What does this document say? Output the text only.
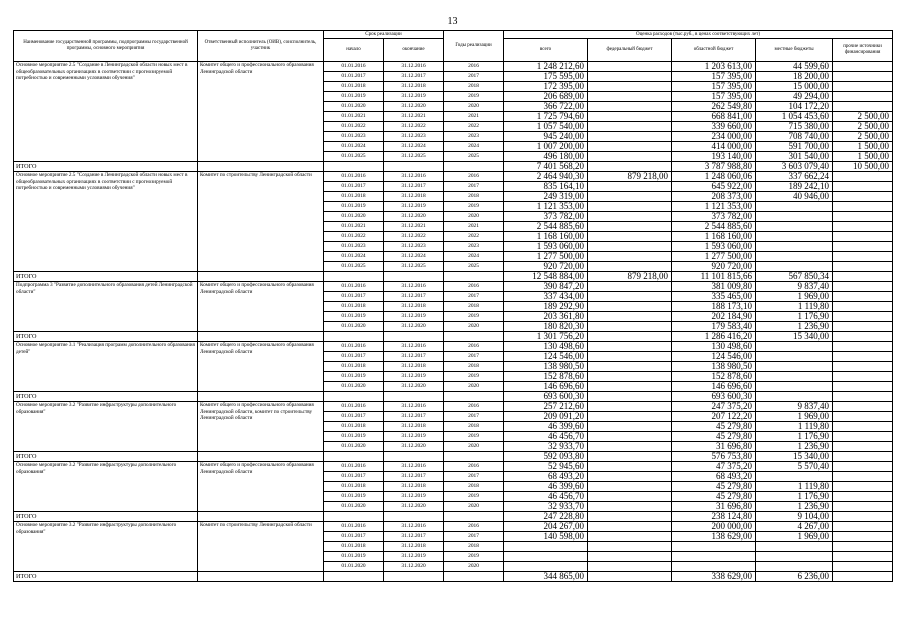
13
Наименование государственной программы, подпрограммы государственной программы, основного мероприятия	Ответственный исполнитель (ОИВ), соисполнитель, участник	Срок реализации		Годы реализации	Оценка расходов (тыс.руб., в ценах соответствующих лет)				
		начало	окончание		всего	федеральный бюджет	областной бюджет	местные бюджеты	прочие источники финансирования
Основное мероприятие 2.5 "Создание в Ленинградской области новых мест в общеобразовательных организациях в соответствии с прогнозируемой потребностью и современными условиями обучения"	Комитет общего и профессионального образования Ленинградской области	01.01.2016	31.12.2016	2016	1 248 212,60		1 203 613,00	44 599,60	
		01.01.2017	31.12.2017	2017	175 595,00		157 395,00	18 200,00	
		01.01.2018	31.12.2018	2018	172 395,00		157 395,00	15 000,00	
		01.01.2019	31.12.2019	2019	206 689,00		157 395,00	49 294,00	
		01.01.2020	31.12.2020	2020	366 722,00		262 549,80	104 172,20	
		01.01.2021	31.12.2021	2021	1 725 794,60		668 841,00	1 054 453,60	2 500,00
		01.01.2022	31.12.2022	2022	1 057 540,00		339 660,00	715 380,00	2 500,00
		01.01.2023	31.12.2023	2023	945 240,00		234 000,00	708 740,00	2 500,00
		01.01.2024	31.12.2024	2024	1 007 200,00		414 000,00	591 700,00	1 500,00
		01.01.2025	31.12.2025	2025	496 180,00		193 140,00	301 540,00	1 500,00
ИТОГО					7 401 568,20		3 787 988,80	3 603 079,40	10 500,00
Основное мероприятие 2.5 "Создание в Ленинградской области новых мест в общеобразовательных организациях в соответствии с прогнозируемой потребностью и современными условиями обучения"	Комитет по строительству Ленинградской области	01.01.2016	31.12.2016	2016	2 464 940,30	879 218,00	1 248 060,06	337 662,24	
		01.01.2017	31.12.2017	2017	835 164,10		645 922,00	189 242,10	
		01.01.2018	31.12.2018	2018	249 319,00		208 373,00	40 946,00	
		01.01.2019	31.12.2019	2019	1 121 353,00		1 121 353,00		
		01.01.2020	31.12.2020	2020	373 782,00		373 782,00		
		01.01.2021	31.12.2021	2021	2 544 885,60		2 544 885,60		
		01.01.2022	31.12.2022	2022	1 168 160,00		1 168 160,00		
		01.01.2023	31.12.2023	2023	1 593 060,00		1 593 060,00		
		01.01.2024	31.12.2024	2024	1 277 500,00		1 277 500,00		
		01.01.2025	31.12.2025	2025	920 720,00		920 720,00		
ИТОГО					12 548 884,00	879 218,00	11 101 815,66	567 850,34	
Подпрограмма 3 "Развитие дополнительного образования детей Ленинградской области"	Комитет общего и профессионального образования Ленинградской области	01.01.2016	31.12.2016	2016	390 847,20		381 009,80	9 837,40	
		01.01.2017	31.12.2017	2017	337 434,00		335 465,00	1 969,00	
		01.01.2018	31.12.2018	2018	189 292,90		188 173,10	1 119,80	
		01.01.2019	31.12.2019	2019	203 361,80		202 184,90	1 176,90	
		01.01.2020	31.12.2020	2020	180 820,30		179 583,40	1 236,90	
ИТОГО					1 301 756,20		1 286 416,20	15 340,00	
Основное мероприятие 3.1 "Реализация программ дополнительного образования детей"	Комитет общего и профессионального образования Ленинградской области	01.01.2016	31.12.2016	2016	130 498,60		130 498,60		
		01.01.2017	31.12.2017	2017	124 546,00		124 546,00		
		01.01.2018	31.12.2018	2018	138 980,50		138 980,50		
		01.01.2019	31.12.2019	2019	152 878,60		152 878,60		
		01.01.2020	31.12.2020	2020	146 696,60		146 696,60		
ИТОГО					693 600,30		693 600,30		
Основное мероприятие 3.2 "Развитие инфраструктуры дополнительного образования"	Комитет общего и профессионального образования Ленинградской области, комитет по строительству Ленинградской области	01.01.2016	31.12.2016	2016	257 212,60		247 375,20	9 837,40	
		01.01.2017	31.12.2017	2017	209 091,20		207 122,20	1 969,00	
		01.01.2018	31.12.2018	2018	46 399,60		45 279,80	1 119,80	
		01.01.2019	31.12.2019	2019	46 456,70		45 279,80	1 176,90	
		01.01.2020	31.12.2020	2020	32 933,70		31 696,80	1 236,90	
ИТОГО					592 093,80		576 753,80	15 340,00	
Основное мероприятие 3.2 "Развитие инфраструктуры дополнительного образования"	Комитет общего и профессионального образования Ленинградской области	01.01.2016	31.12.2016	2016	52 945,60		47 375,20	5 570,40	
		01.01.2017	31.12.2017	2017	68 493,20		68 493,20		
		01.01.2018	31.12.2018	2018	46 399,60		45 279,80	1 119,80	
		01.01.2019	31.12.2019	2019	46 456,70		45 279,80	1 176,90	
		01.01.2020	31.12.2020	2020	32 933,70		31 696,80	1 236,90	
ИТОГО					247 228,80		238 124,80	9 104,00	
Основное мероприятие 3.2 "Развитие инфраструктуры дополнительного образования"	Комитет по строительству Ленинградской области	01.01.2016	31.12.2016	2016	204 267,00		200 000,00	4 267,00	
		01.01.2017	31.12.2017	2017	140 598,00		138 629,00	1 969,00	
		01.01.2018	31.12.2018	2018					
		01.01.2019	31.12.2019	2019					
		01.01.2020	31.12.2020	2020					
ИТОГО					344 865,00		338 629,00	6 236,00	
